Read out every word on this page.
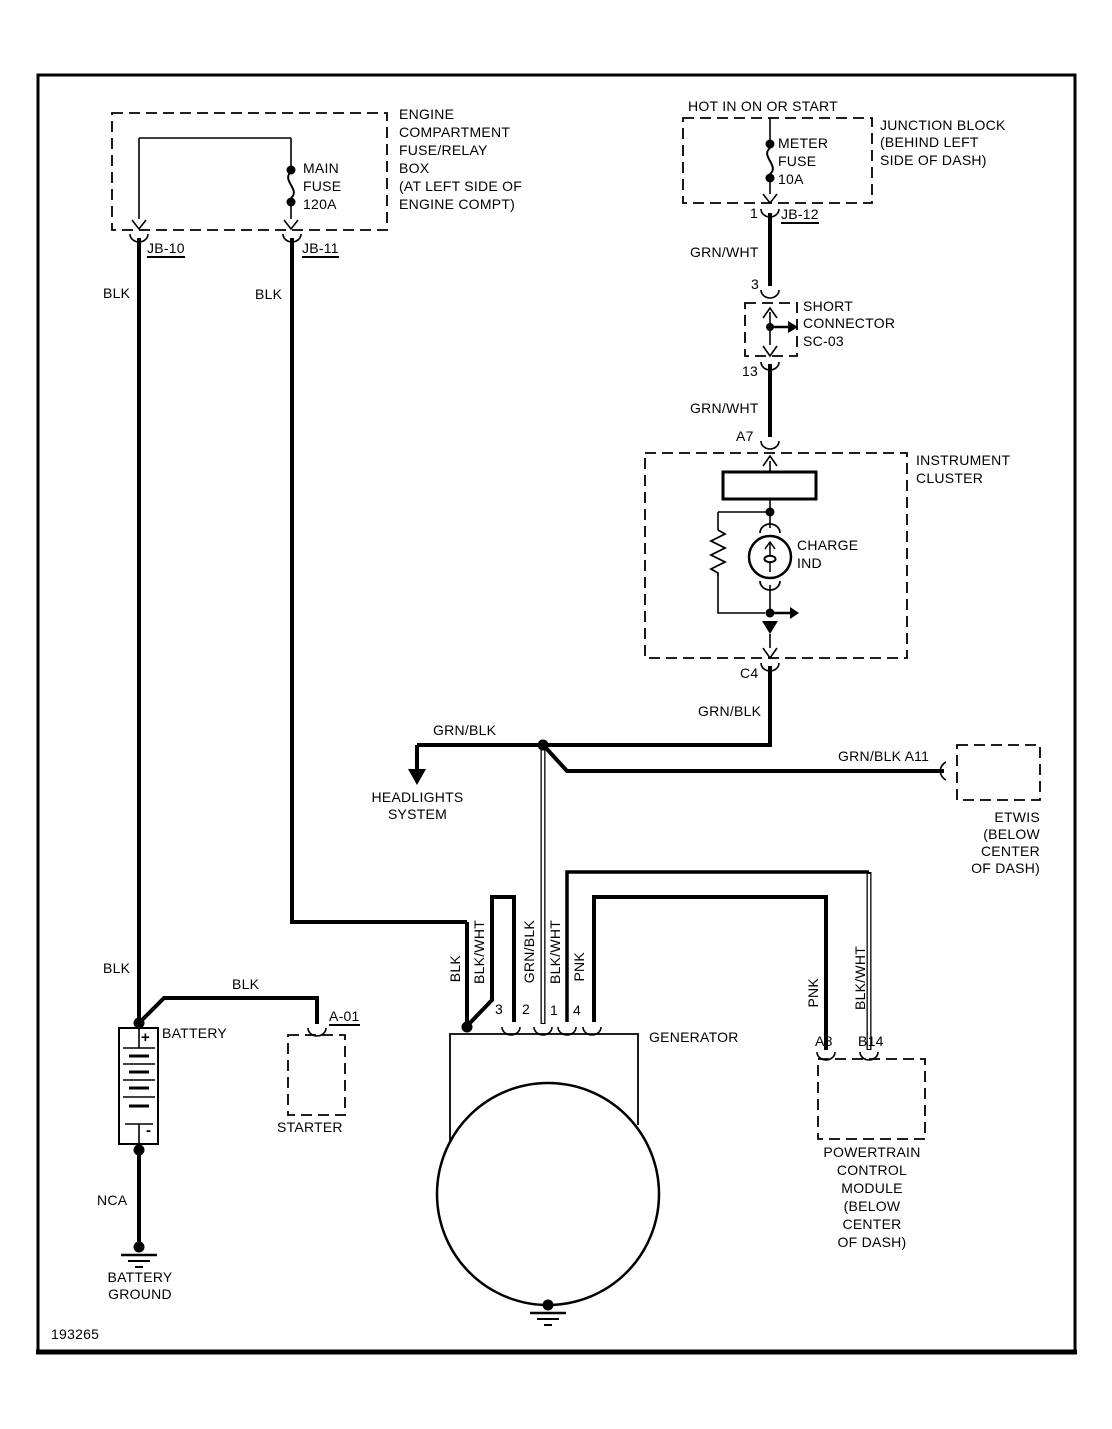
ENGINE
COMPARTMENT
FUSE/RELAY
BOX
(AT LEFT SIDE OF
ENGINE COMPT)
MAIN
FUSE
120A
JB-10	JB-11
BLK	BLK
HOT IN ON OR START
METER
FUSE
10A
JUNCTION BLOCK
(BEHIND LEFT
SIDE OF DASH)
1 JB-12
GRN/WHT
3
SHORT
CONNECTOR
SC-03
13
GRN/WHT
A7
INSTRUMENT
CLUSTER
CHARGE
IND
C4
GRN/BLK
GRN/BLK
HEADLIGHTS
SYSTEM
GRN/BLK A11
ETWIS
(BELOW
CENTER
OF DASH)
BLK BLK/WHT GRN/BLK BLK/WHT PNK
3 2 1 4
GENERATOR
PNK BLK/WHT
A8 B14
POWERTRAIN
CONTROL
MODULE
(BELOW
CENTER
OF DASH)
BLK
BLK
BATTERY
+
-
A-01
STARTER
NCA
BATTERY
GROUND
193265
